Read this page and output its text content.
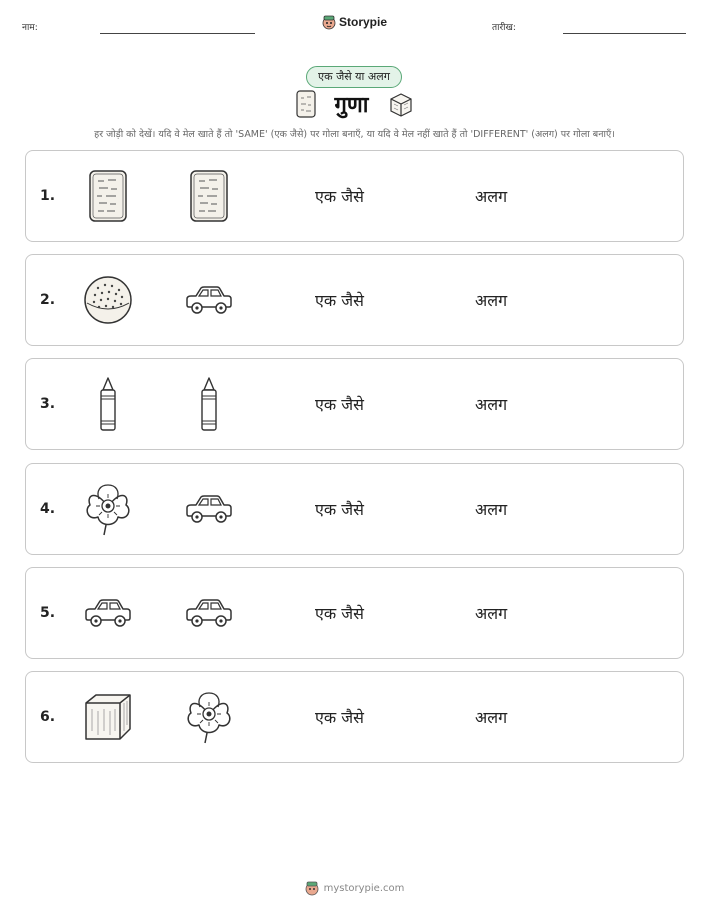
नाम:	Storypie	तारीख:
एक जैसे या अलग
गुणा
हर जोड़ी को देखें। यदि वे मेल खाते हैं तो 'SAME' (एक जैसे) पर गोला बनाएँ, या यदि वे मेल नहीं खाते हैं तो 'DIFFERENT' (अलग) पर गोला बनाएँ।
1.	एक जैसे	अलग
2.	एक जैसे	अलग
3.	एक जैसे	अलग
4.	एक जैसे	अलग
5.	एक जैसे	अलग
6.	एक जैसे	अलग
mystorypie.com
